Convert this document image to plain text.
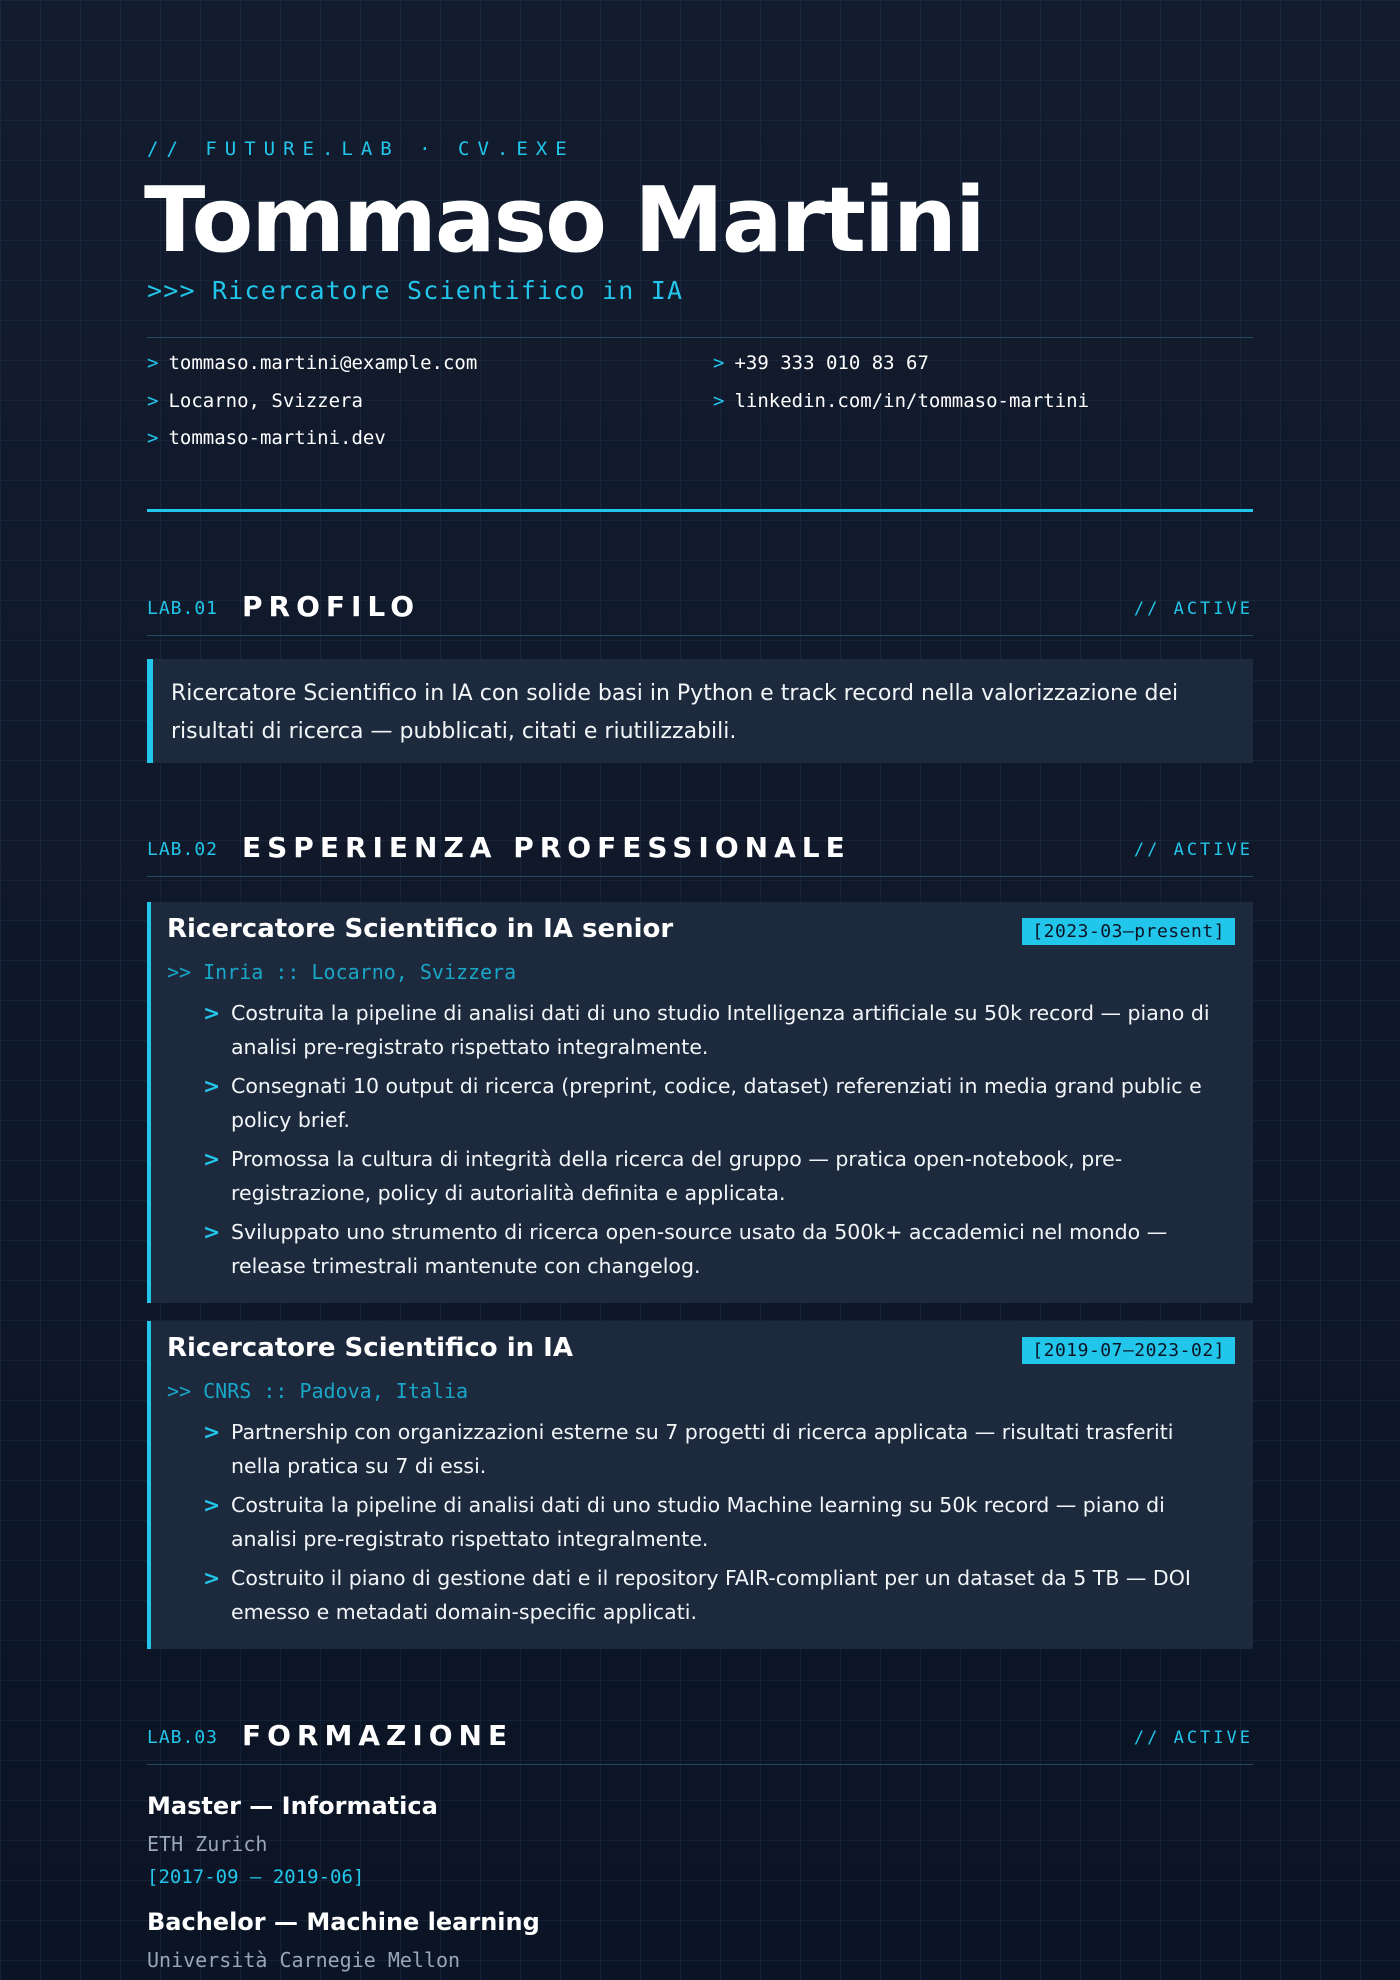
// FUTURE.LAB · CV.EXE
Tommaso Martini
>>> Ricercatore Scientifico in IA
> tommaso.martini@example.com	> +39 333 010 83 67
> Locarno, Svizzera	> linkedin.com/in/tommaso-martini
> tommaso-martini.dev
LAB.01 PROFILO	// ACTIVE
Ricercatore Scientifico in IA con solide basi in Python e track record nella valorizzazione dei risultati di ricerca — pubblicati, citati e riutilizzabili.
LAB.02 ESPERIENZA PROFESSIONALE	// ACTIVE
Ricercatore Scientifico in IA senior	[2023-03–present]
>> Inria :: Locarno, Svizzera
> Costruita la pipeline di analisi dati di uno studio Intelligenza artificiale su 50k record — piano di analisi pre-registrato rispettato integralmente.
> Consegnati 10 output di ricerca (preprint, codice, dataset) referenziati in media grand public e policy brief.
> Promossa la cultura di integrità della ricerca del gruppo — pratica open-notebook, pre-registrazione, policy di autorialità definita e applicata.
> Sviluppato uno strumento di ricerca open-source usato da 500k+ accademici nel mondo — release trimestrali mantenute con changelog.
Ricercatore Scientifico in IA	[2019-07–2023-02]
>> CNRS :: Padova, Italia
> Partnership con organizzazioni esterne su 7 progetti di ricerca applicata — risultati trasferiti nella pratica su 7 di essi.
> Costruita la pipeline di analisi dati di uno studio Machine learning su 50k record — piano di analisi pre-registrato rispettato integralmente.
> Costruito il piano di gestione dati e il repository FAIR-compliant per un dataset da 5 TB — DOI emesso e metadati domain-specific applicati.
LAB.03 FORMAZIONE	// ACTIVE
Master — Informatica
ETH Zurich
[2017-09 – 2019-06]
Bachelor — Machine learning
Università Carnegie Mellon
